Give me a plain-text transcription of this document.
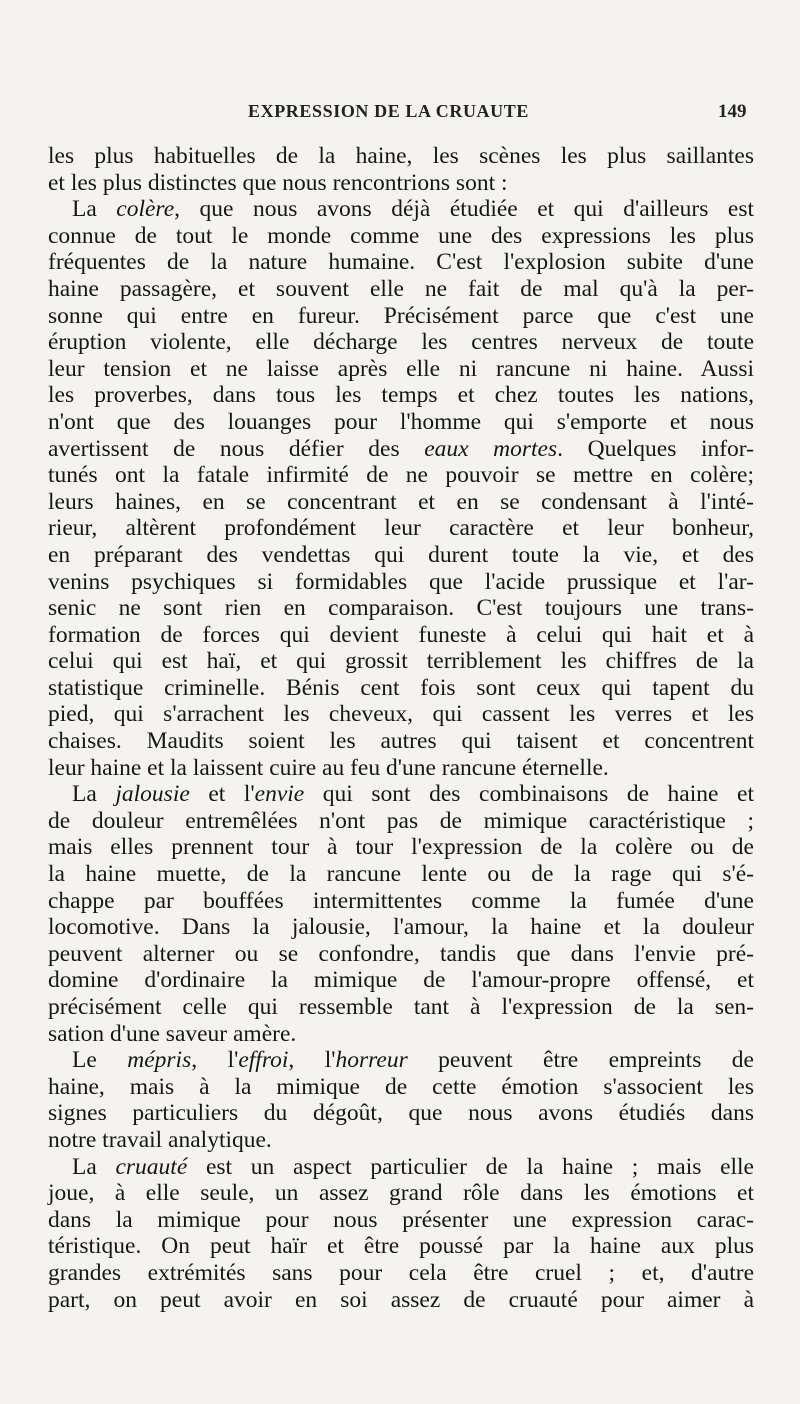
EXPRESSION DE LA CRUAUTE	149
les plus habituelles de la haine, les scènes les plus saillantes
et les plus distinctes que nous rencontrions sont :
La colère, que nous avons déjà étudiée et qui d'ailleurs est
connue de tout le monde comme une des expressions les plus
fréquentes de la nature humaine. C'est l'explosion subite d'une
haine passagère, et souvent elle ne fait de mal qu'à la per-
sonne qui entre en fureur. Précisément parce que c'est une
éruption violente, elle décharge les centres nerveux de toute
leur tension et ne laisse après elle ni rancune ni haine. Aussi
les proverbes, dans tous les temps et chez toutes les nations,
n'ont que des louanges pour l'homme qui s'emporte et nous
avertissent de nous défier des eaux mortes. Quelques infor-
tunés ont la fatale infirmité de ne pouvoir se mettre en colère;
leurs haines, en se concentrant et en se condensant à l'inté-
rieur, altèrent profondément leur caractère et leur bonheur,
en préparant des vendettas qui durent toute la vie, et des
venins psychiques si formidables que l'acide prussique et l'ar-
senic ne sont rien en comparaison. C'est toujours une trans-
formation de forces qui devient funeste à celui qui hait et à
celui qui est haï, et qui grossit terriblement les chiffres de la
statistique criminelle. Bénis cent fois sont ceux qui tapent du
pied, qui s'arrachent les cheveux, qui cassent les verres et les
chaises. Maudits soient les autres qui taisent et concentrent
leur haine et la laissent cuire au feu d'une rancune éternelle.
La jalousie et l'envie qui sont des combinaisons de haine et
de douleur entremêlées n'ont pas de mimique caractéristique ;
mais elles prennent tour à tour l'expression de la colère ou de
la haine muette, de la rancune lente ou de la rage qui s'é-
chappe par bouffées intermittentes comme la fumée d'une
locomotive. Dans la jalousie, l'amour, la haine et la douleur
peuvent alterner ou se confondre, tandis que dans l'envie pré-
domine d'ordinaire la mimique de l'amour-propre offensé, et
précisément celle qui ressemble tant à l'expression de la sen-
sation d'une saveur amère.
Le mépris, l'effroi, l'horreur peuvent être empreints de
haine, mais à la mimique de cette émotion s'associent les
signes particuliers du dégoût, que nous avons étudiés dans
notre travail analytique.
La cruauté est un aspect particulier de la haine ; mais elle
joue, à elle seule, un assez grand rôle dans les émotions et
dans la mimique pour nous présenter une expression carac-
téristique. On peut haïr et être poussé par la haine aux plus
grandes extrémités sans pour cela être cruel ; et, d'autre
part, on peut avoir en soi assez de cruauté pour aimer à
